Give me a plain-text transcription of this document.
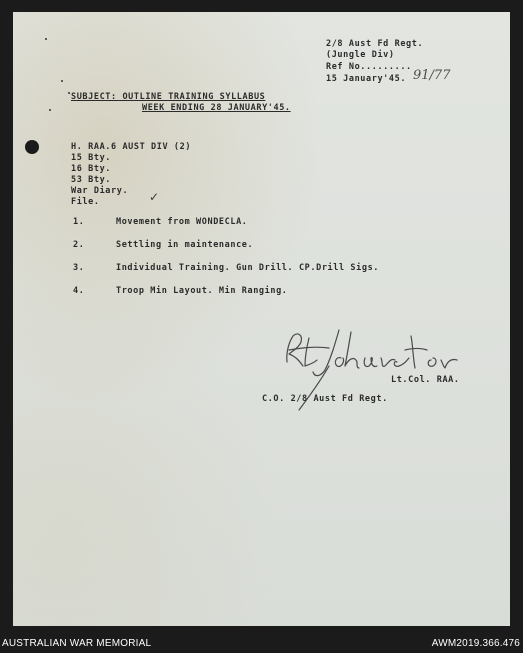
2/8 Aust Fd Regt.
(Jungle Div)
Ref No.........
91/77
15 January'45.
SUBJECT: OUTLINE TRAINING SYLLABUS
WEEK ENDING 28 JANUARY'45.
H. RAA.6 AUST DIV (2)
15 Bty.
16 Bty.
53 Bty.
War Diary.
File.	✓
1.	Movement from WONDECLA.
2.	Settling in maintenance.
3.	Individual Training. Gun Drill. CP.Drill Sigs.
4.	Troop Min Layout. Min Ranging.
Lt.Col. RAA.
C.O. 2/8 Aust Fd Regt.
AUSTRALIAN WAR MEMORIAL	AWM2019.366.476
